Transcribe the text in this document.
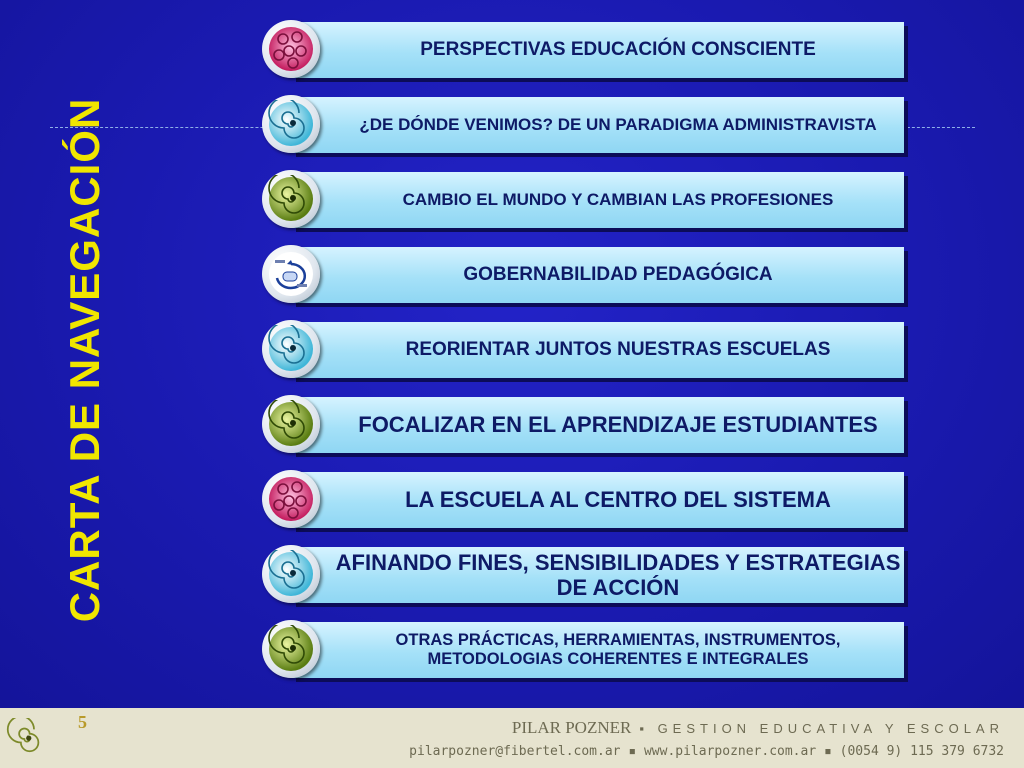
CARTA DE NAVEGACIÓN
PERSPECTIVAS EDUCACIÓN CONSCIENTE
¿DE DÓNDE VENIMOS? DE UN PARADIGMA ADMINISTRAVISTA
CAMBIO EL MUNDO Y CAMBIAN LAS PROFESIONES
GOBERNABILIDAD PEDAGÓGICA
REORIENTAR JUNTOS NUESTRAS ESCUELAS
FOCALIZAR EN EL APRENDIZAJE ESTUDIANTES
LA ESCUELA AL CENTRO DEL SISTEMA
AFINANDO FINES, SENSIBILIDADES Y ESTRATEGIAS DE ACCIÓN
OTRAS PRÁCTICAS, HERRAMIENTAS, INSTRUMENTOS, METODOLOGIAS COHERENTES E INTEGRALES
5	PILAR POZNER ▪ GESTION EDUCATIVA Y ESCOLAR
pilarpozner@fibertel.com.ar ▪ www.pilarpozner.com.ar ▪ (0054 9) 115 379 6732
